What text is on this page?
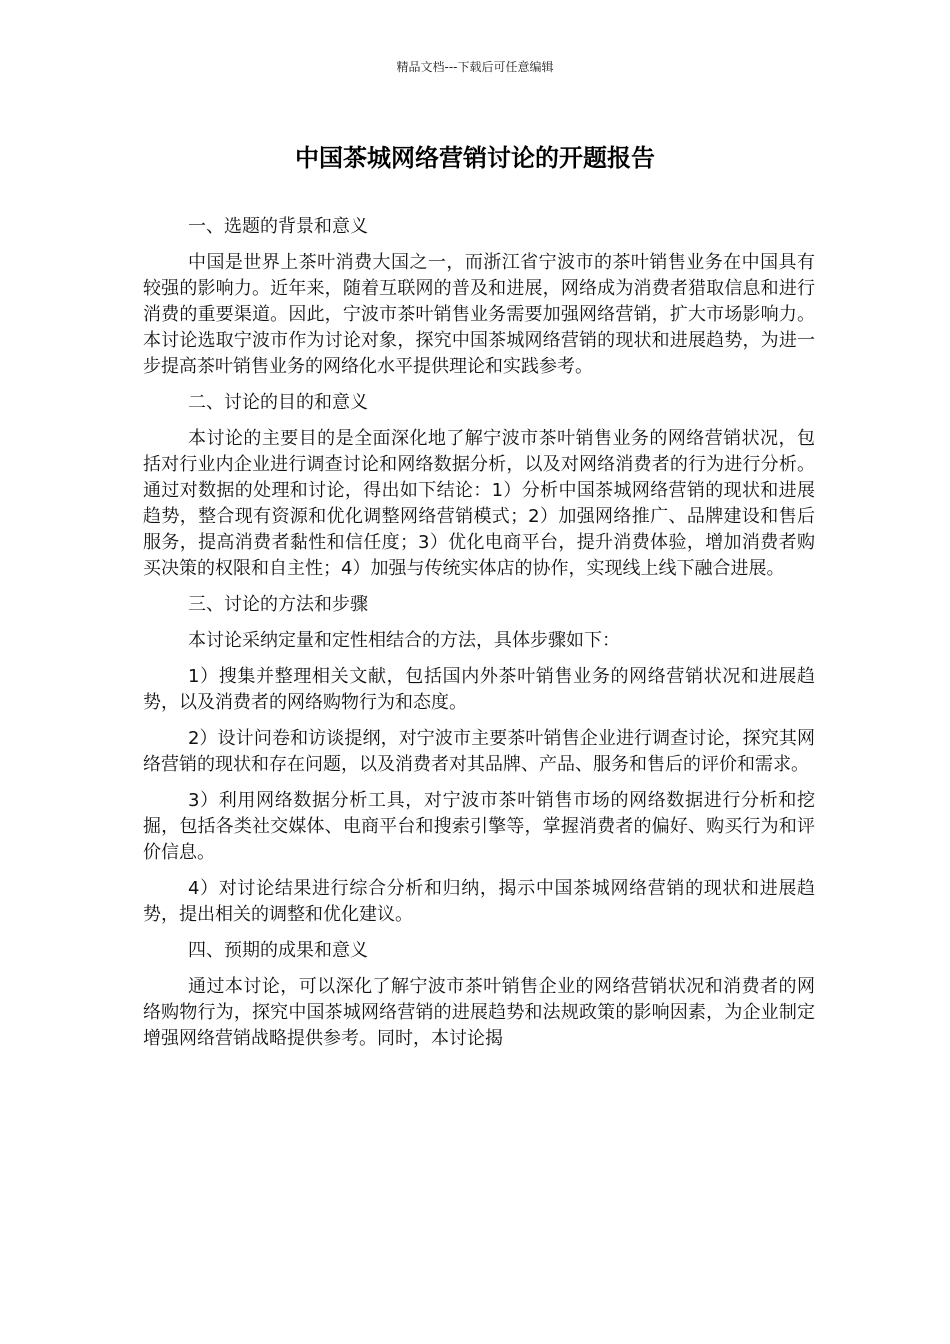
精品文档---下载后可任意编辑
中国茶城网络营销讨论的开题报告

一、选题的背景和意义

中国是世界上茶叶消费大国之一，而浙江省宁波市的茶叶销售业务在中国具有较强的影响力。近年来，随着互联网的普及和进展，网络成为消费者猎取信息和进行消费的重要渠道。因此，宁波市茶叶销售业务需要加强网络营销，扩大市场影响力。本讨论选取宁波市作为讨论对象，探究中国茶城网络营销的现状和进展趋势，为进一步提高茶叶销售业务的网络化水平提供理论和实践参考。

二、讨论的目的和意义

本讨论的主要目的是全面深化地了解宁波市茶叶销售业务的网络营销状况，包括对行业内企业进行调查讨论和网络数据分析，以及对网络消费者的行为进行分析。通过对数据的处理和讨论，得出如下结论：1）分析中国茶城网络营销的现状和进展趋势，整合现有资源和优化调整网络营销模式；2）加强网络推广、品牌建设和售后服务，提高消费者黏性和信任度；3）优化电商平台，提升消费体验，增加消费者购买决策的权限和自主性；4）加强与传统实体店的协作，实现线上线下融合进展。

三、讨论的方法和步骤

本讨论采纳定量和定性相结合的方法，具体步骤如下：

1）搜集并整理相关文献，包括国内外茶叶销售业务的网络营销状况和进展趋势，以及消费者的网络购物行为和态度。

2）设计问卷和访谈提纲，对宁波市主要茶叶销售企业进行调查讨论，探究其网络营销的现状和存在问题，以及消费者对其品牌、产品、服务和售后的评价和需求。

3）利用网络数据分析工具，对宁波市茶叶销售市场的网络数据进行分析和挖掘，包括各类社交媒体、电商平台和搜索引擎等，掌握消费者的偏好、购买行为和评价信息。

4）对讨论结果进行综合分析和归纳，揭示中国茶城网络营销的现状和进展趋势，提出相关的调整和优化建议。

四、预期的成果和意义

通过本讨论，可以深化了解宁波市茶叶销售企业的网络营销状况和消费者的网络购物行为，探究中国茶城网络营销的进展趋势和法规政策的影响因素，为企业制定增强网络营销战略提供参考。同时，本讨论揭
